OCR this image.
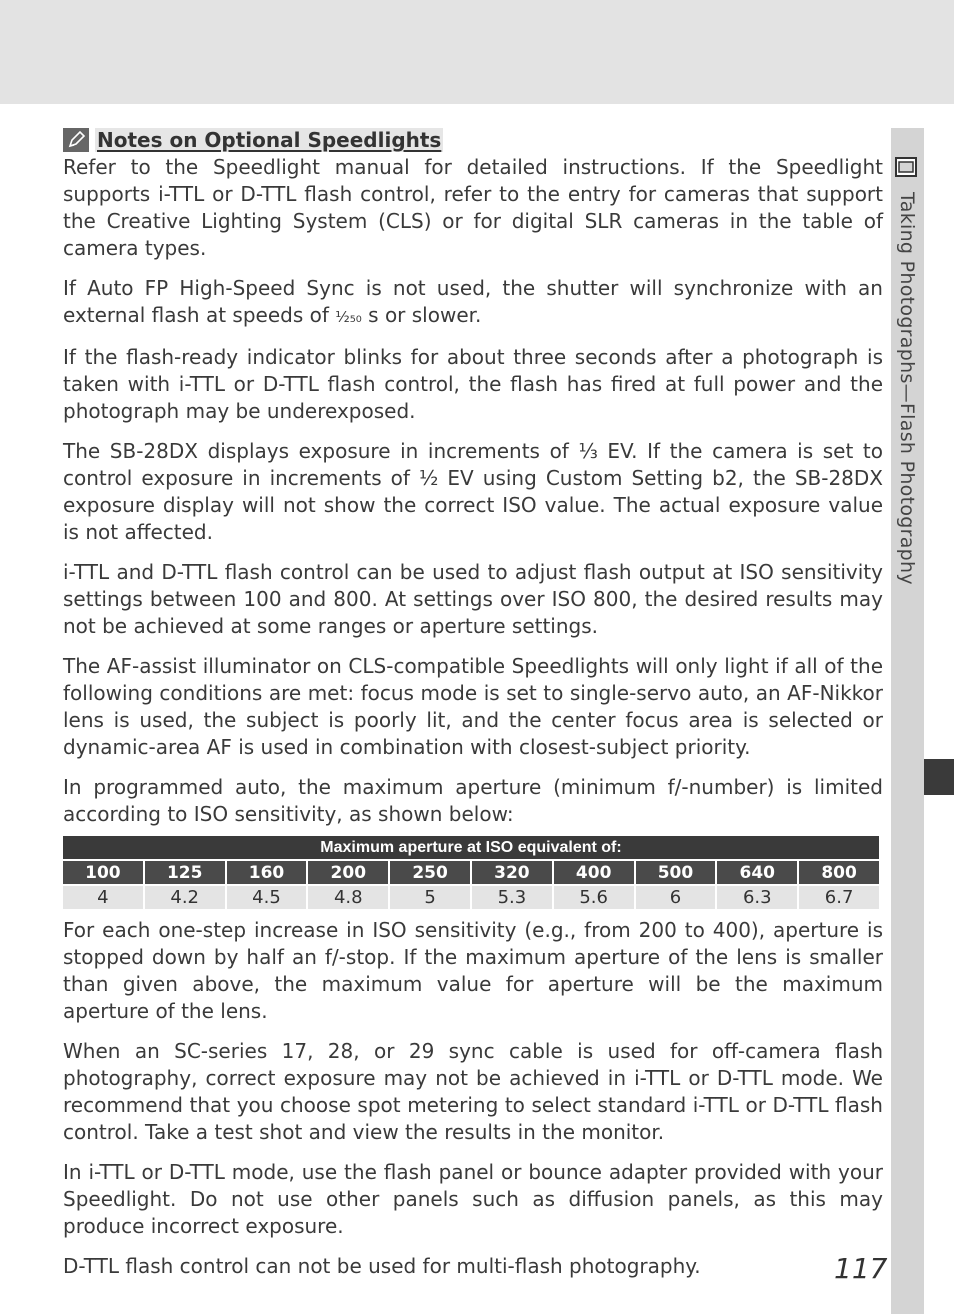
Taking Photographs—Flash Photography
Notes on Optional Speedlights

Refer to the Speedlight manual for detailed instructions. If the Speedlight supports i-TTL or D-TTL flash control, refer to the entry for cameras that support the Creative Lighting System (CLS) or for digital SLR cameras in the table of camera types.

If Auto FP High-Speed Sync is not used, the shutter will synchronize with an external flash at speeds of ¹⁄₂₅₀ s or slower.

If the flash-ready indicator blinks for about three seconds after a photograph is taken with i-TTL or D-TTL flash control, the flash has fired at full power and the photograph may be underexposed.

The SB-28DX displays exposure in increments of ⅓ EV. If the camera is set to control exposure in increments of ½ EV using Custom Setting b2, the SB-28DX exposure display will not show the correct ISO value. The actual exposure value is not affected.

i-TTL and D-TTL flash control can be used to adjust flash output at ISO sensitivity settings between 100 and 800. At settings over ISO 800, the desired results may not be achieved at some ranges or aperture settings.

The AF-assist illuminator on CLS-compatible Speedlights will only light if all of the following conditions are met: focus mode is set to single-servo auto, an AF-Nikkor lens is used, the subject is poorly lit, and the center focus area is selected or dynamic-area AF is used in combination with closest-subject priority.

In programmed auto, the maximum aperture (minimum f/-number) is limited according to ISO sensitivity, as shown below:

Maximum aperture at ISO equivalent of:									
100	125	160	200	250	320	400	500	640	800
4	4.2	4.5	4.8	5	5.3	5.6	6	6.3	6.7

For each one-step increase in ISO sensitivity (e.g., from 200 to 400), aperture is stopped down by half an f/-stop. If the maximum aperture of the lens is smaller than given above, the maximum value for aperture will be the maximum aperture of the lens.

When an SC-series 17, 28, or 29 sync cable is used for off-camera flash photography, correct exposure may not be achieved in i-TTL or D-TTL mode. We recommend that you choose spot metering to select standard i-TTL or D-TTL flash control. Take a test shot and view the results in the monitor.

In i-TTL or D-TTL mode, use the flash panel or bounce adapter provided with your Speedlight. Do not use other panels such as diffusion panels, as this may produce incorrect exposure.

D-TTL flash control can not be used for multi-flash photography.	117
